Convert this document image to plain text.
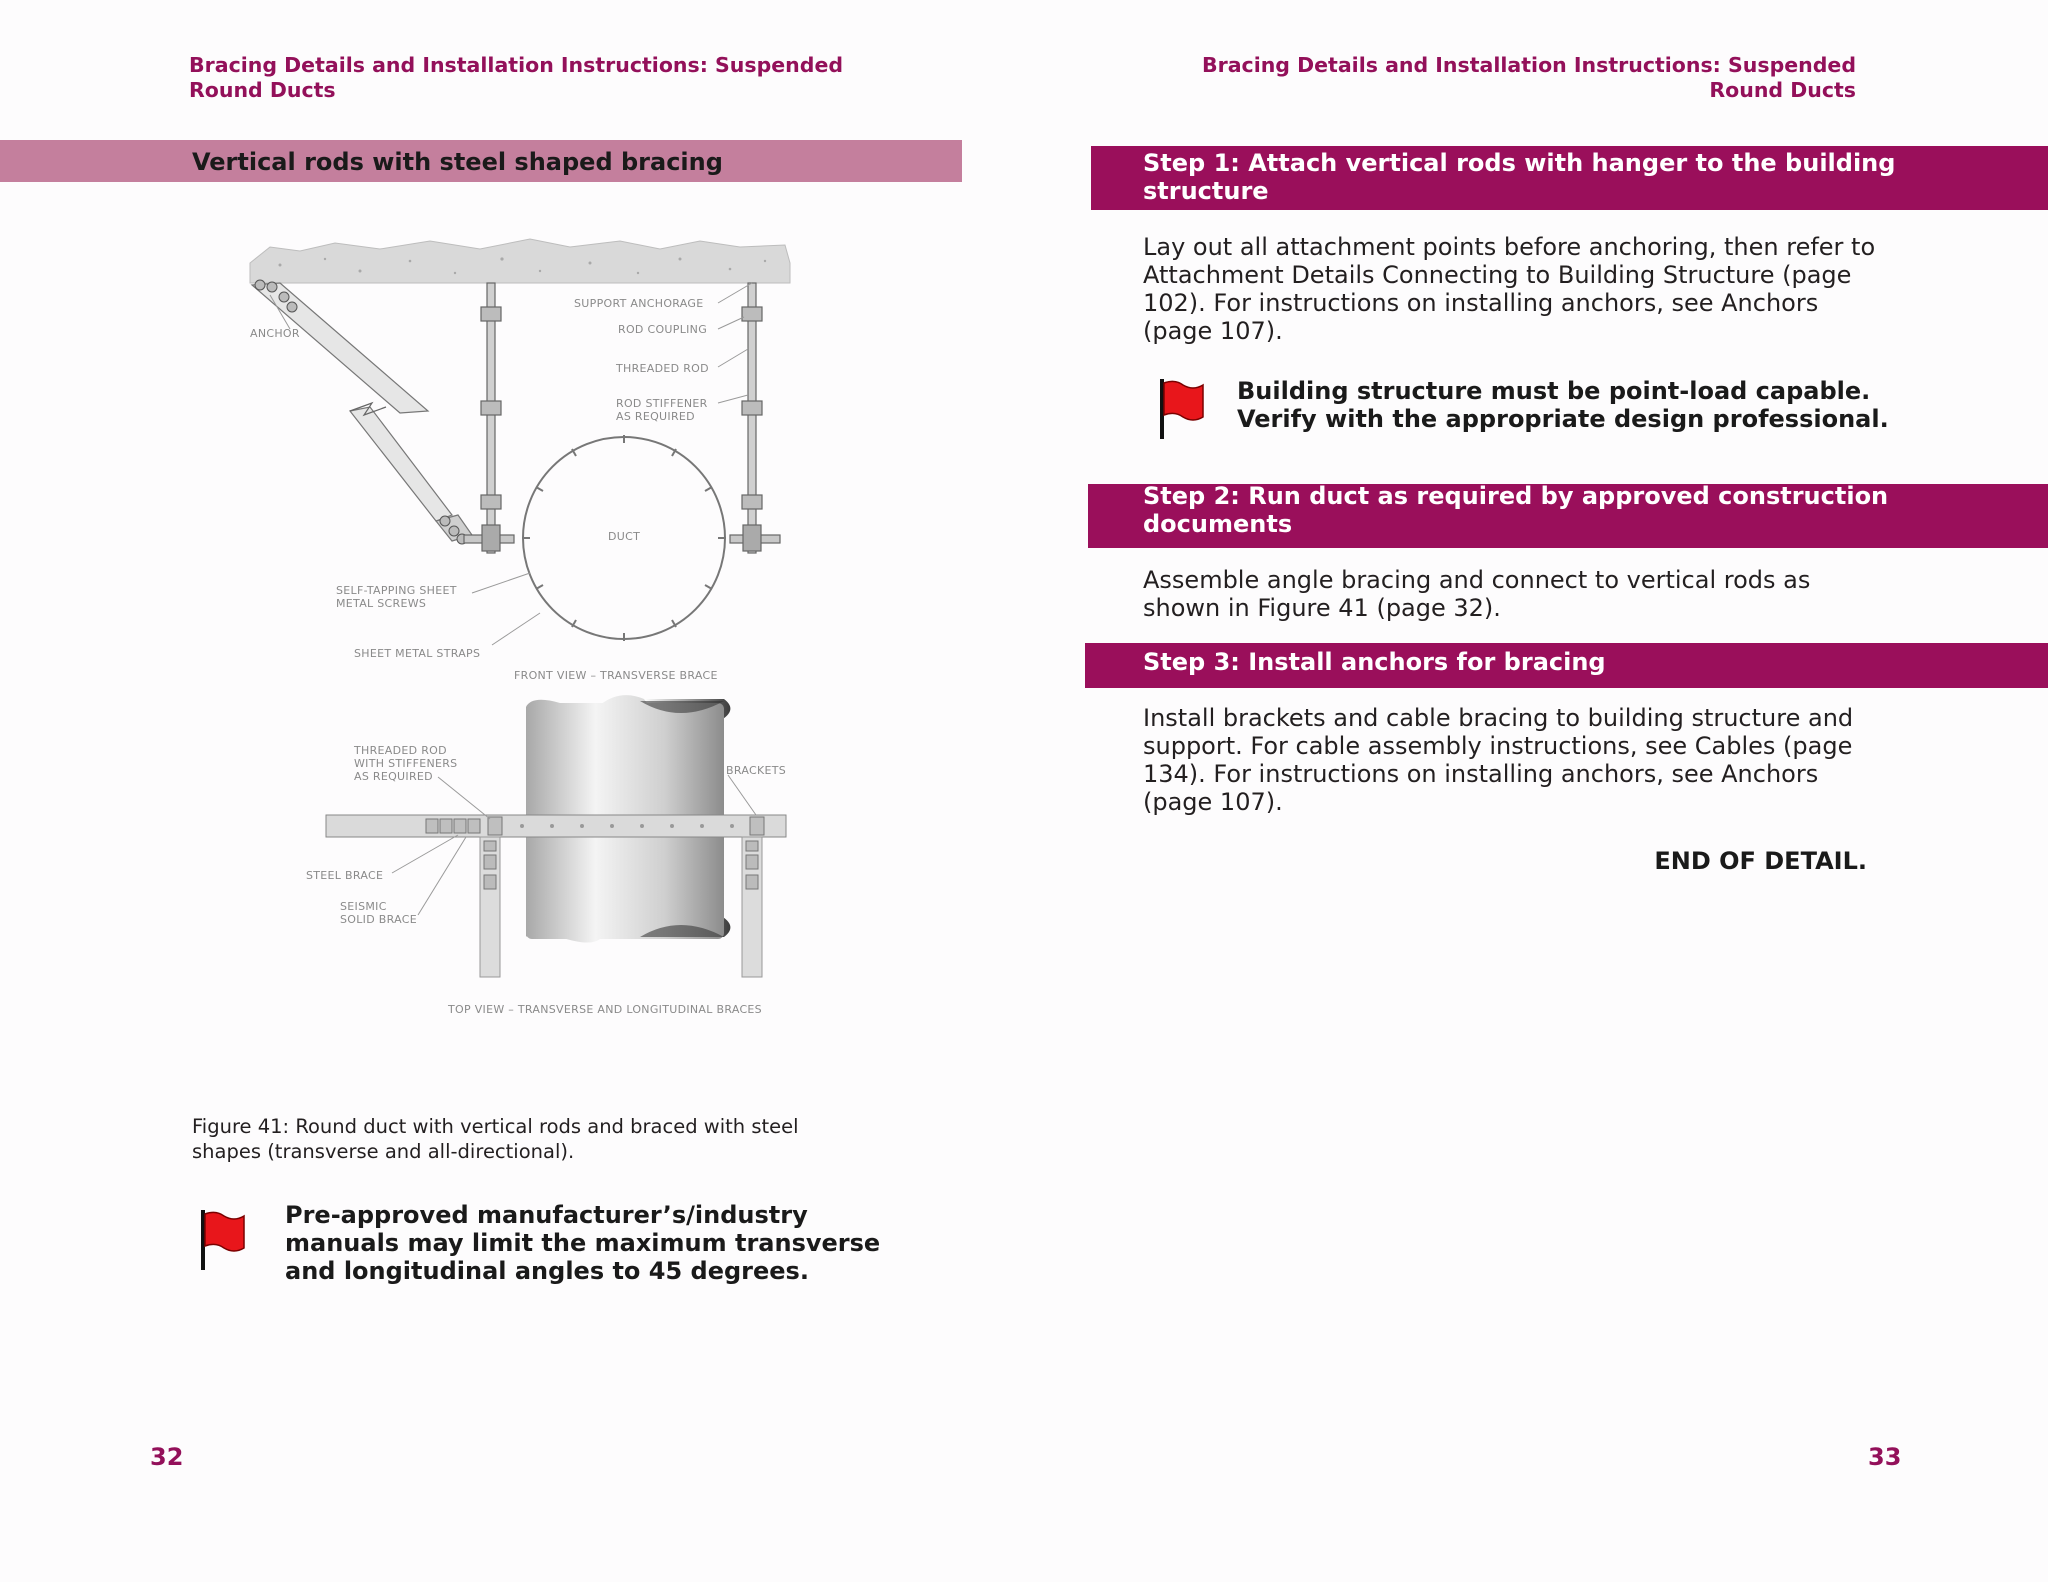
Bracing Details and Installation Instructions: Suspended
Round Ducts
Vertical rods with steel shaped bracing
SUPPORT ANCHORAGE
ANCHOR	ROD COUPLING
THREADED ROD
ROD STIFFENER
AS REQUIRED
DUCT
SELF-TAPPING SHEET
METAL SCREWS
SHEET METAL STRAPS
FRONT VIEW – TRANSVERSE BRACE
THREADED ROD
WITH STIFFENERS
AS REQUIRED	BRACKETS
STEEL BRACE
SEISMIC
SOLID BRACE
TOP VIEW – TRANSVERSE AND LONGITUDINAL BRACES
Figure 41: Round duct with vertical rods and braced with steel
shapes (transverse and all-directional).
Pre-approved manufacturer’s/industry
manuals may limit the maximum transverse
and longitudinal angles to 45 degrees.
32
Bracing Details and Installation Instructions: Suspended
Round Ducts
Step 1: Attach vertical rods with hanger to the building
structure
Lay out all attachment points before anchoring, then refer to
Attachment Details Connecting to Building Structure (page
102). For instructions on installing anchors, see Anchors
(page 107).
Building structure must be point-load capable.
Verify with the appropriate design professional.
Step 2: Run duct as required by approved construction
documents
Assemble angle bracing and connect to vertical rods as
shown in Figure 41 (page 32).
Step 3: Install anchors for bracing
Install brackets and cable bracing to building structure and
support. For cable assembly instructions, see Cables (page
134). For instructions on installing anchors, see Anchors
(page 107).
END OF DETAIL.
33
